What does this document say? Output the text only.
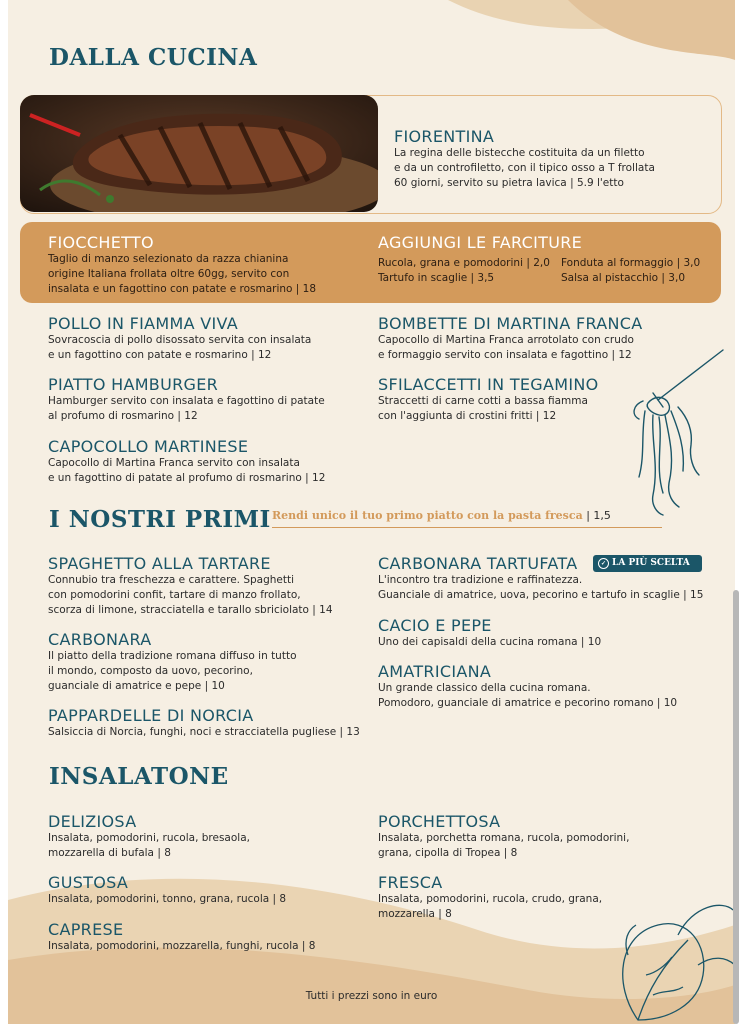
DALLA CUCINA
FIORENTINA
La regina delle bistecche costituita da un filetto
e da un controfiletto, con il tipico osso a T frollata
60 giorni, servito su pietra lavica | 5.9 l'etto
FIOCCHETTO
Taglio di manzo selezionato da razza chianina
origine Italiana frollata oltre 60gg, servito con
insalata e un fagottino con patate e rosmarino | 18
AGGIUNGI LE FARCITURE
Rucola, grana e pomodorini | 2,0
Tartufo in scaglie | 3,5
Fonduta al formaggio | 3,0
Salsa al pistacchio | 3,0
POLLO IN FIAMMA VIVA
Sovracoscia di pollo disossato servita con insalata
e un fagottino con patate e rosmarino | 12
PIATTO HAMBURGER
Hamburger servito con insalata e fagottino di patate
al profumo di rosmarino | 12
CAPOCOLLO MARTINESE
Capocollo di Martina Franca servito con insalata
e un fagottino di patate al profumo di rosmarino | 12
BOMBETTE DI MARTINA FRANCA
Capocollo di Martina Franca arrotolato con crudo
e formaggio servito con insalata e fagottino | 12
SFILACCETTI IN TEGAMINO
Straccetti di carne cotti a bassa fiamma
con l'aggiunta di crostini fritti | 12
I NOSTRI PRIMI Rendi unico il tuo primo piatto con la pasta fresca | 1,5
SPAGHETTO ALLA TARTARE
Connubio tra freschezza e carattere. Spaghetti
con pomodorini confit, tartare di manzo frollato,
scorza di limone, stracciatella e tarallo sbriciolato | 14
CARBONARA
Il piatto della tradizione romana diffuso in tutto
il mondo, composto da uovo, pecorino,
guanciale di amatrice e pepe | 10
PAPPARDELLE DI NORCIA
Salsiccia di Norcia, funghi, noci e stracciatella pugliese | 13
CARBONARA TARTUFATA
L'incontro tra tradizione e raffinatezza.
Guanciale di amatrice, uova, pecorino e tartufo in scaglie | 15
✓ LA PIÙ SCELTA
CACIO E PEPE
Uno dei capisaldi della cucina romana | 10
AMATRICIANA
Un grande classico della cucina romana.
Pomodoro, guanciale di amatrice e pecorino romano | 10
INSALATONE
DELIZIOSA
Insalata, pomodorini, rucola, bresaola,
mozzarella di bufala | 8
GUSTOSA
Insalata, pomodorini, tonno, grana, rucola | 8
CAPRESE
Insalata, pomodorini, mozzarella, funghi, rucola | 8
PORCHETTOSA
Insalata, porchetta romana, rucola, pomodorini,
grana, cipolla di Tropea | 8
FRESCA
Insalata, pomodorini, rucola, crudo, grana,
mozzarella | 8
Tutti i prezzi sono in euro
